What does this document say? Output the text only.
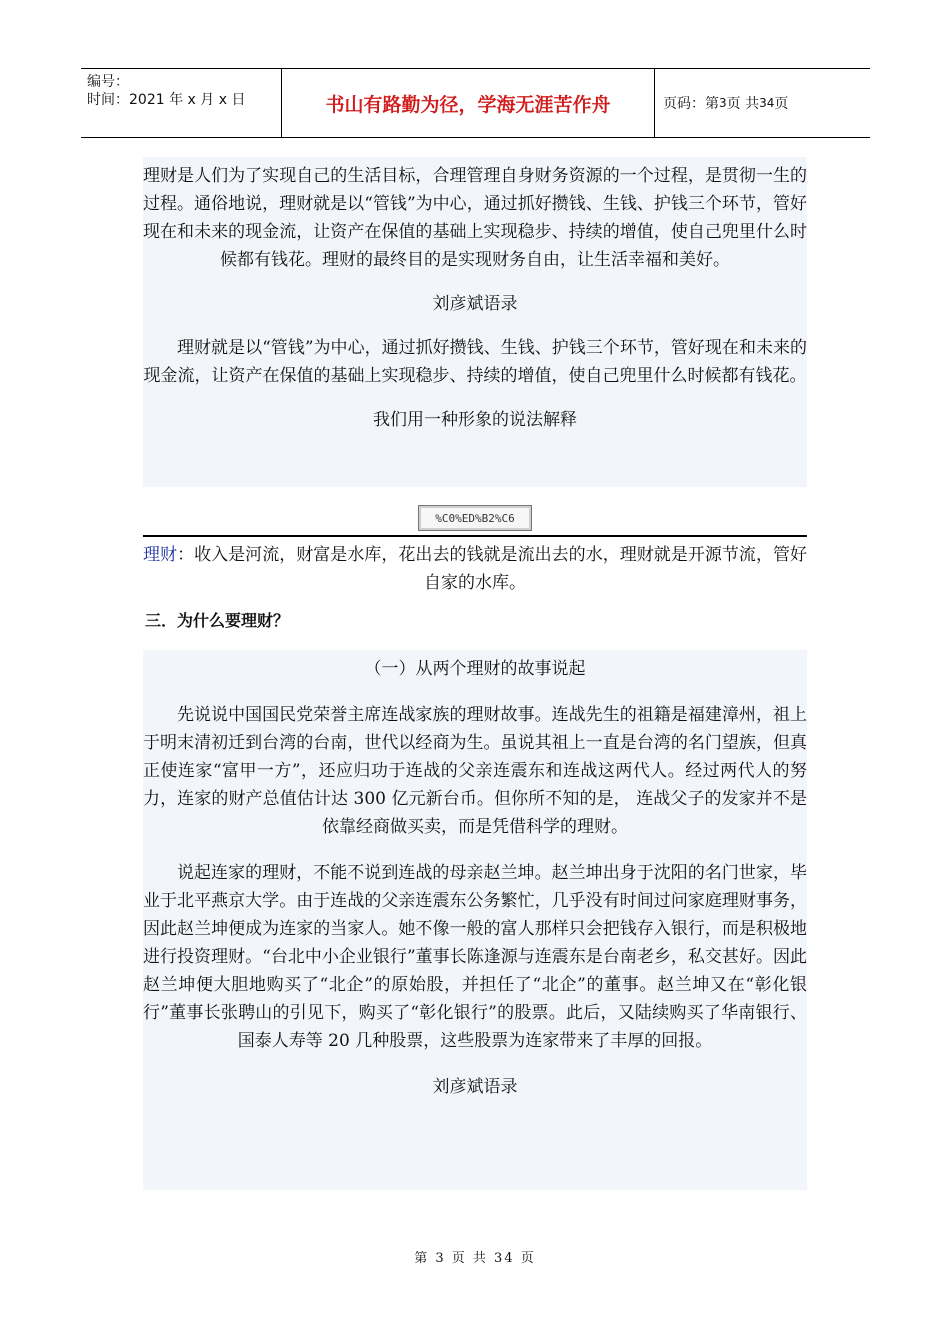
编号：
时间：2021 年 x 月 x 日	书山有路勤为径，学海无涯苦作舟	页码：第 3 页 共 34 页

理财是人们为了实现自己的生活目标，合理管理自身财务资源的一个过程，是贯彻一生的过程。通俗地说，理财就是以“管钱”为中心，通过抓好攒钱、生钱、护钱三个环节，管好现在和未来的现金流，让资产在保值的基础上实现稳步、持续的增值，使自己兜里什么时候都有钱花。理财的最终目的是实现财务自由，让生活幸福和美好。

刘彦斌语录

理财就是以“管钱”为中心，通过抓好攒钱、生钱、护钱三个环节，管好现在和未来的现金流，让资产在保值的基础上实现稳步、持续的增值，使自己兜里什么时候都有钱花。

我们用一种形象的说法解释

%C0%ED%B2%C6

理财：收入是河流，财富是水库，花出去的钱就是流出去的水，理财就是开源节流，管好自家的水库。

三．为什么要理财？

（一）从两个理财的故事说起

先说说中国国民党荣誉主席连战家族的理财故事。连战先生的祖籍是福建漳州，祖上于明末清初迁到台湾的台南，世代以经商为生。虽说其祖上一直是台湾的名门望族，但真正使连家“富甲一方”，还应归功于连战的父亲连震东和连战这两代人。经过两代人的努力，连家的财产总值估计达 300 亿元新台币。但你所不知的是， 连战父子的发家并不是依靠经商做买卖，而是凭借科学的理财。

说起连家的理财，不能不说到连战的母亲赵兰坤。赵兰坤出身于沈阳的名门世家，毕业于北平燕京大学。由于连战的父亲连震东公务繁忙，几乎没有时间过问家庭理财事务，因此赵兰坤便成为连家的当家人。她不像一般的富人那样只会把钱存入银行，而是积极地进行投资理财。“台北中小企业银行”董事长陈逢源与连震东是台南老乡，私交甚好。因此赵兰坤便大胆地购买了“北企”的原始股，并担任了“北企”的董事。赵兰坤又在“彰化银行”董事长张聘山的引见下，购买了“彰化银行”的股票。此后，又陆续购买了华南银行、国泰人寿等 20 几种股票，这些股票为连家带来了丰厚的回报。

刘彦斌语录

第 3 页 共 34 页
